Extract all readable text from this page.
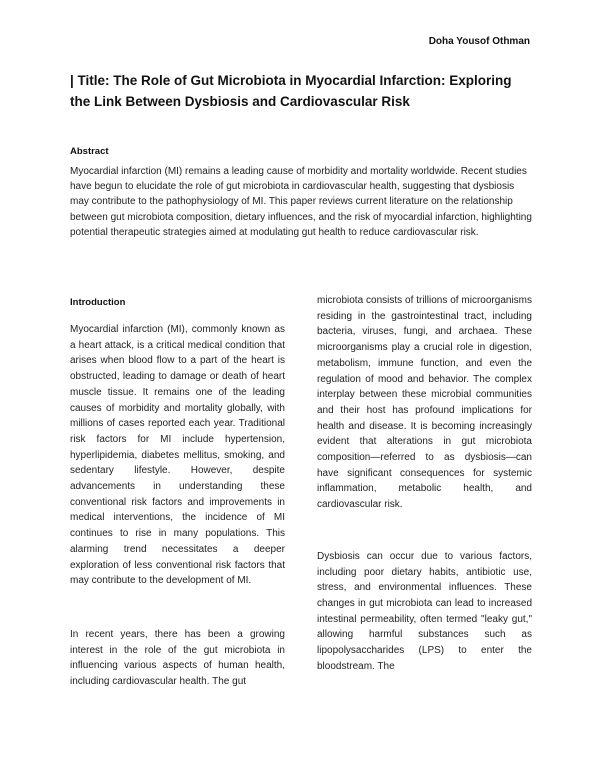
Doha Yousof Othman
| Title: The Role of Gut Microbiota in Myocardial Infarction: Exploring the Link Between Dysbiosis and Cardiovascular Risk
Abstract

Myocardial infarction (MI) remains a leading cause of morbidity and mortality worldwide. Recent studies have begun to elucidate the role of gut microbiota in cardiovascular health, suggesting that dysbiosis may contribute to the pathophysiology of MI. This paper reviews current literature on the relationship between gut microbiota composition, dietary influences, and the risk of myocardial infarction, highlighting potential therapeutic strategies aimed at modulating gut health to reduce cardiovascular risk.

Introduction

Myocardial infarction (MI), commonly known as a heart attack, is a critical medical condition that arises when blood flow to a part of the heart is obstructed, leading to damage or death of heart muscle tissue. It remains one of the leading causes of morbidity and mortality globally, with millions of cases reported each year. Traditional risk factors for MI include hypertension, hyperlipidemia, diabetes mellitus, smoking, and sedentary lifestyle. However, despite advancements in understanding these conventional risk factors and improvements in medical interventions, the incidence of MI continues to rise in many populations. This alarming trend necessitates a deeper exploration of less conventional risk factors that may contribute to the development of MI.

In recent years, there has been a growing interest in the role of the gut microbiota in influencing various aspects of human health, including cardiovascular health. The gut

microbiota consists of trillions of microorganisms residing in the gastrointestinal tract, including bacteria, viruses, fungi, and archaea. These microorganisms play a crucial role in digestion, metabolism, immune function, and even the regulation of mood and behavior. The complex interplay between these microbial communities and their host has profound implications for health and disease. It is becoming increasingly evident that alterations in gut microbiota composition—referred to as dysbiosis—can have significant consequences for systemic inflammation, metabolic health, and cardiovascular risk.

Dysbiosis can occur due to various factors, including poor dietary habits, antibiotic use, stress, and environmental influences. These changes in gut microbiota can lead to increased intestinal permeability, often termed "leaky gut," allowing harmful substances such as lipopolysaccharides (LPS) to enter the bloodstream. The
